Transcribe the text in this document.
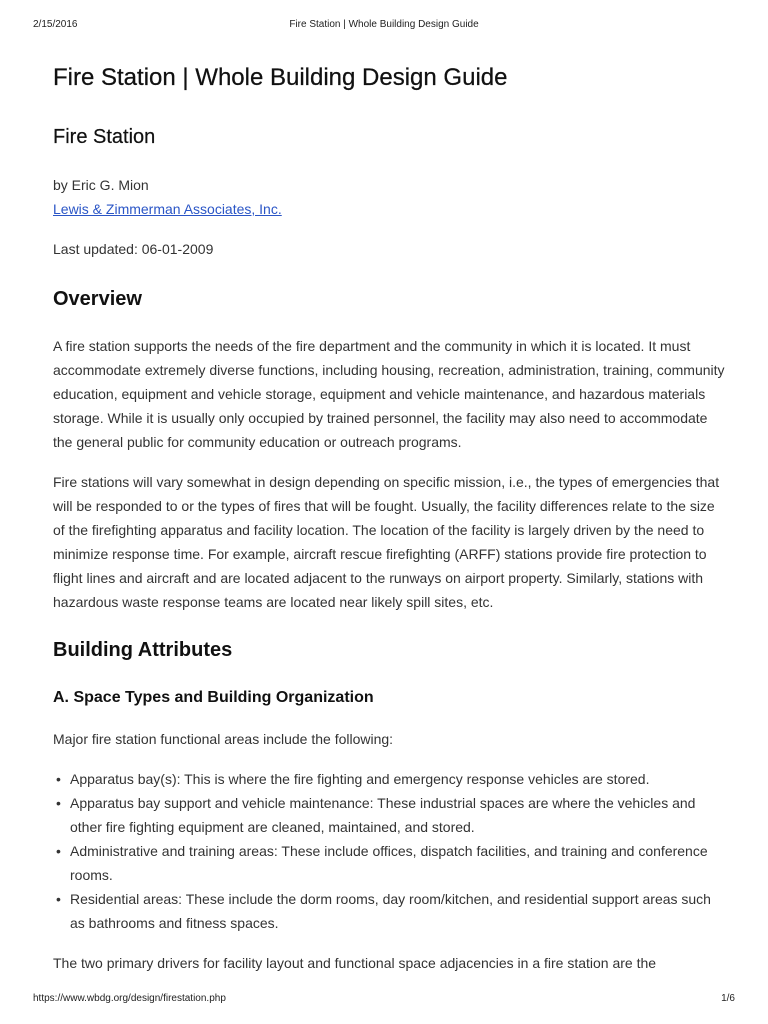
2/15/2016	Fire Station | Whole Building Design Guide
Fire Station | Whole Building Design Guide
Fire Station
by Eric G. Mion
Lewis & Zimmerman Associates, Inc.
Last updated: 06-01-2009
Overview

A fire station supports the needs of the fire department and the community in which it is located. It must accommodate extremely diverse functions, including housing, recreation, administration, training, community education, equipment and vehicle storage, equipment and vehicle maintenance, and hazardous materials storage. While it is usually only occupied by trained personnel, the facility may also need to accommodate the general public for community education or outreach programs.

Fire stations will vary somewhat in design depending on specific mission, i.e., the types of emergencies that will be responded to or the types of fires that will be fought. Usually, the facility differences relate to the size of the firefighting apparatus and facility location. The location of the facility is largely driven by the need to minimize response time. For example, aircraft rescue firefighting (ARFF) stations provide fire protection to flight lines and aircraft and are located adjacent to the runways on airport property. Similarly, stations with hazardous waste response teams are located near likely spill sites, etc.

Building Attributes
A. Space Types and Building Organization
Major fire station functional areas include the following:
• Apparatus bay(s): This is where the fire fighting and emergency response vehicles are stored.
• Apparatus bay support and vehicle maintenance: These industrial spaces are where the vehicles and other fire fighting equipment are cleaned, maintained, and stored.
• Administrative and training areas: These include offices, dispatch facilities, and training and conference rooms.
• Residential areas: These include the dorm rooms, day room/kitchen, and residential support areas such as bathrooms and fitness spaces.
The two primary drivers for facility layout and functional space adjacencies in a fire station are the
https://www.wbdg.org/design/firestation.php	1/6
